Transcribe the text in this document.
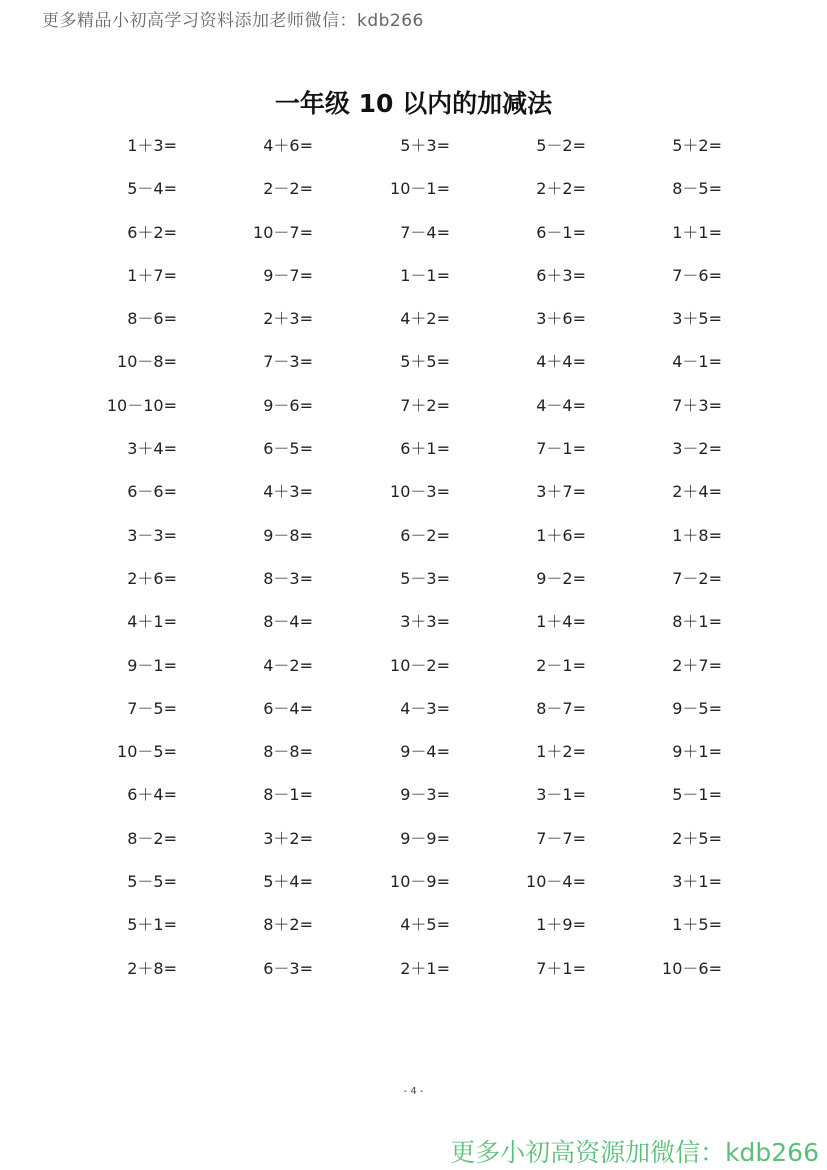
更多精品小初高学习资料添加老师微信：kdb266
一年级 10 以内的加减法
1＋3=	4＋6=	5＋3=	5－2=	5＋2=
5－4=	2－2=	10－1=	2＋2=	8－5=
6＋2=	10－7=	7－4=	6－1=	1＋1=
1＋7=	9－7=	1－1=	6＋3=	7－6=
8－6=	2＋3=	4＋2=	3＋6=	3＋5=
10－8=	7－3=	5＋5=	4＋4=	4－1=
10－10=	9－6=	7＋2=	4－4=	7＋3=
3＋4=	6－5=	6＋1=	7－1=	3－2=
6－6=	4＋3=	10－3=	3＋7=	2＋4=
3－3=	9－8=	6－2=	1＋6=	1＋8=
2＋6=	8－3=	5－3=	9－2=	7－2=
4＋1=	8－4=	3＋3=	1＋4=	8＋1=
9－1=	4－2=	10－2=	2－1=	2＋7=
7－5=	6－4=	4－3=	8－7=	9－5=
10－5=	8－8=	9－4=	1＋2=	9＋1=
6＋4=	8－1=	9－3=	3－1=	5－1=
8－2=	3＋2=	9－9=	7－7=	2＋5=
5－5=	5＋4=	10－9=	10－4=	3＋1=
5＋1=	8＋2=	4＋5=	1＋9=	1＋5=
2＋8=	6－3=	2＋1=	7＋1=	10－6=
- 4 -
更多小初高资源加微信：kdb266
